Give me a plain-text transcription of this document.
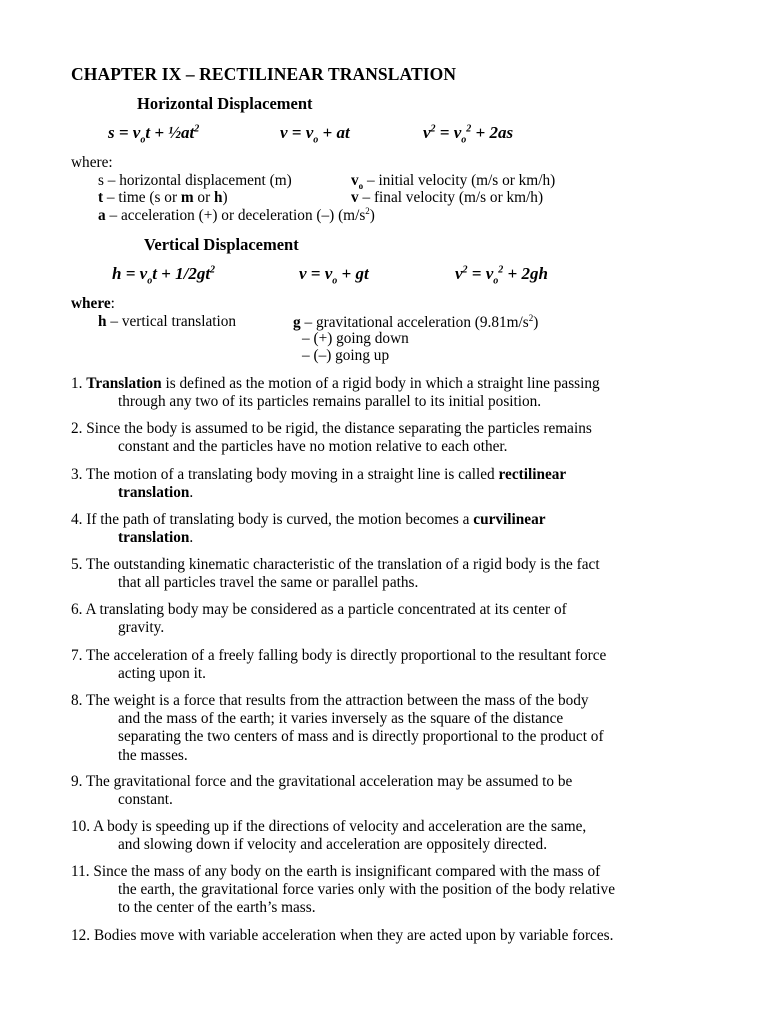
CHAPTER IX – RECTILINEAR TRANSLATION
Horizontal Displacement
$s = v_ot$ + $\frac{1}{2}at^2$	$v = v_o$ + at	$v^2 = v_o^2 + 2as$
where:
s – horizontal displacement (m)	$v_o$ – initial velocity (m/s or km/h)
t – time (s or m or h)	v – final velocity (m/s or km/h)
a – acceleration (+) or deceleration (–) $(m/s^2)$
Vertical Displacement
$h = v_ot + 1/2gt^2$	$v = v_o$ + gt	$v^2 = v_o^2 + 2gh$
where:
h – vertical translation	g – gravitational acceleration $(9.81m/s^2)$
– (+) going down
– (–) going up
1. Translation is defined as the motion of a rigid body in which a straight line passing
through any two of its particles remains parallel to its initial position.
2. Since the body is assumed to be rigid, the distance separating the particles remains
constant and the particles have no motion relative to each other.
3. The motion of a translating body moving in a straight line is called rectilinear
translation.
4. If the path of translating body is curved, the motion becomes a curvilinear
translation.
5. The outstanding kinematic characteristic of the translation of a rigid body is the fact
that all particles travel the same or parallel paths.
6. A translating body may be considered as a particle concentrated at its center of
gravity.
7. The acceleration of a freely falling body is directly proportional to the resultant force
acting upon it.
8. The weight is a force that results from the attraction between the mass of the body
and the mass of the earth; it varies inversely as the square of the distance
separating the two centers of mass and is directly proportional to the product of
the masses.
9. The gravitational force and the gravitational acceleration may be assumed to be
constant.
10. A body is speeding up if the directions of velocity and acceleration are the same,
and slowing down if velocity and acceleration are oppositely directed.
11. Since the mass of any body on the earth is insignificant compared with the mass of
the earth, the gravitational force varies only with the position of the body relative
to the center of the earth’s mass.
12. Bodies move with variable acceleration when they are acted upon by variable forces.
